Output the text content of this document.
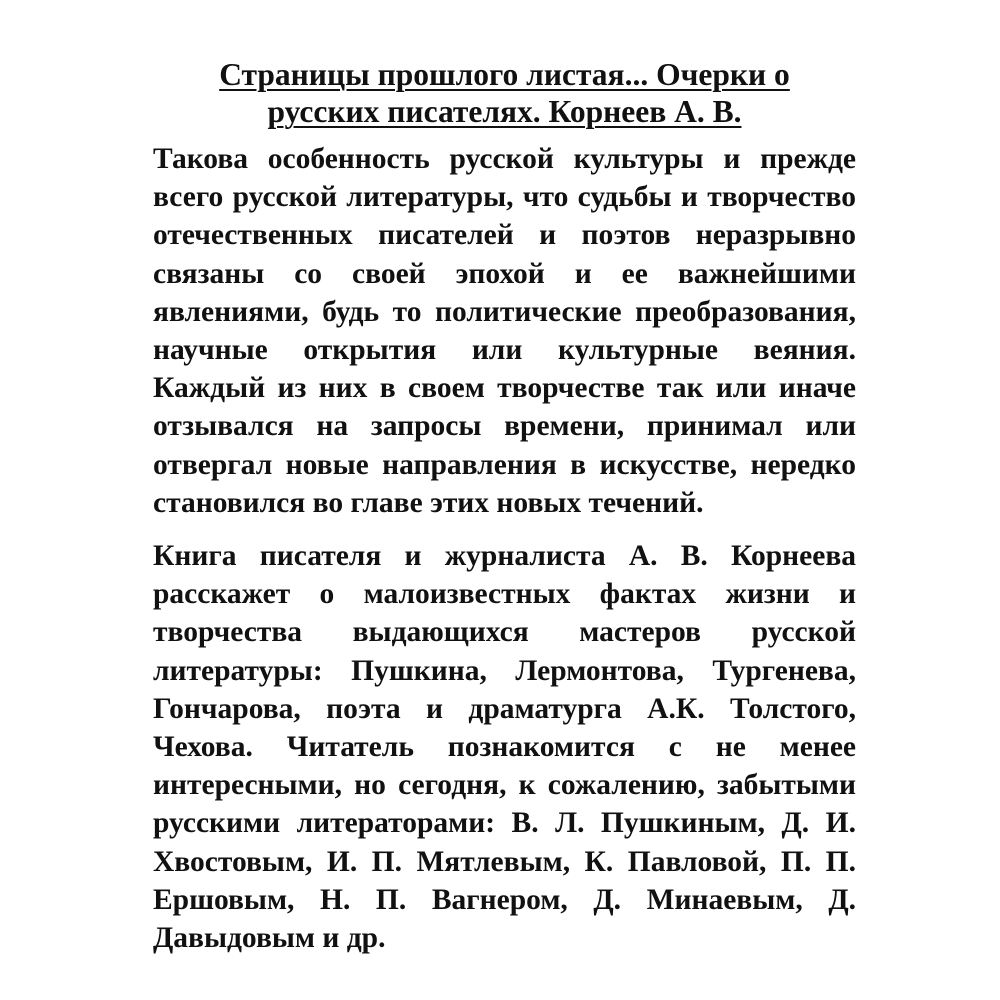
Страницы прошлого листая... Очерки о
русских писателях. Корнеев А. В.

Такова особенность русской культуры и прежде всего русской литературы, что судьбы и творчество отечественных писателей и поэтов неразрывно связаны со своей эпохой и ее важнейшими явлениями, будь то политические преобразования, научные открытия или культурные веяния. Каждый из них в своем творчестве так или иначе отзывался на запросы времени, принимал или отвергал новые направления в искусстве, нередко становился во главе этих новых течений.

Книга писателя и журналиста А. В. Корнеева расскажет о малоизвестных фактах жизни и творчества выдающихся мастеров русской литературы: Пушкина, Лермонтова, Тургенева, Гончарова, поэта и драматурга А.К. Толстого, Чехова. Читатель познакомится с не менее интересными, но сегодня, к сожалению, забытыми русскими литераторами: В. Л. Пушкиным, Д. И. Хвостовым, И. П. Мятлевым, К. Павловой, П. П. Ершовым, Н. П. Вагнером, Д. Минаевым, Д. Давыдовым и др.
